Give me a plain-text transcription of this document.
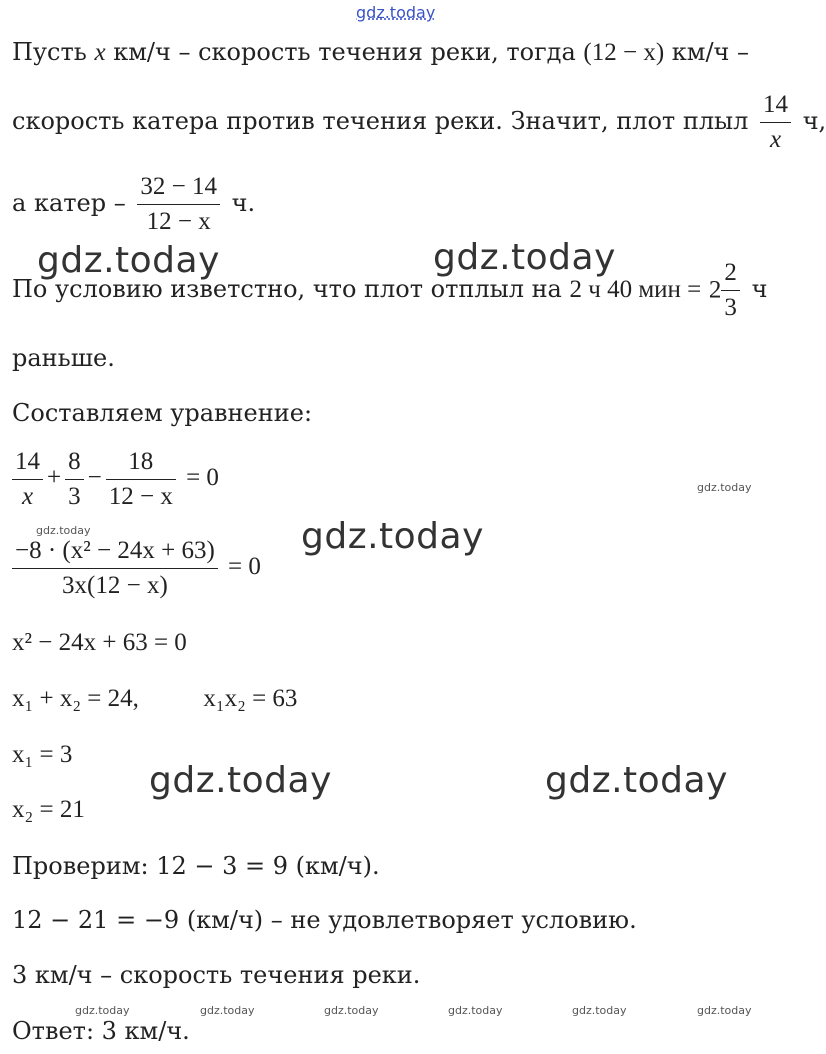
gdz.today
Пусть x км/ч – скорость течения реки, тогда (12 − x) км/ч –
скорость катера против течения реки. Значит, плот плыл $\frac{14}{x} ч$,
а катер – $\frac{32 - 14}{12 - x} ч$.
По условию изветстно, что плот отплыл на 2 ч 40 мин = $2 \frac{2}{3}$ ч
раньше.
Составляем уравнение:
$\frac{14}{x} + \frac{8}{3} - \frac{18}{12 - x} = 0$
$\frac{\text{−8 · (x² − 24x + 63)}}{3x(12 - x)} = 0$
x² − 24x + 63 = 0
x₁ + x₂ = 24,	x₁x₂ = 63
x₁ = 3
x₂ = 21
Проверим: 12 − 3 = 9 (км/ч).
12 − 21 = −9 (км/ч) – не удовлетворяет условию.
3 км/ч – скорость течения реки.
Ответ: 3 км/ч.
gdz.today	gdz.today
gdz.today
gdz.today	gdz.today
gdz.today
gdz.today
gdz.today	gdz.today	gdz.today	gdz.today	gdz.today	gdz.today
